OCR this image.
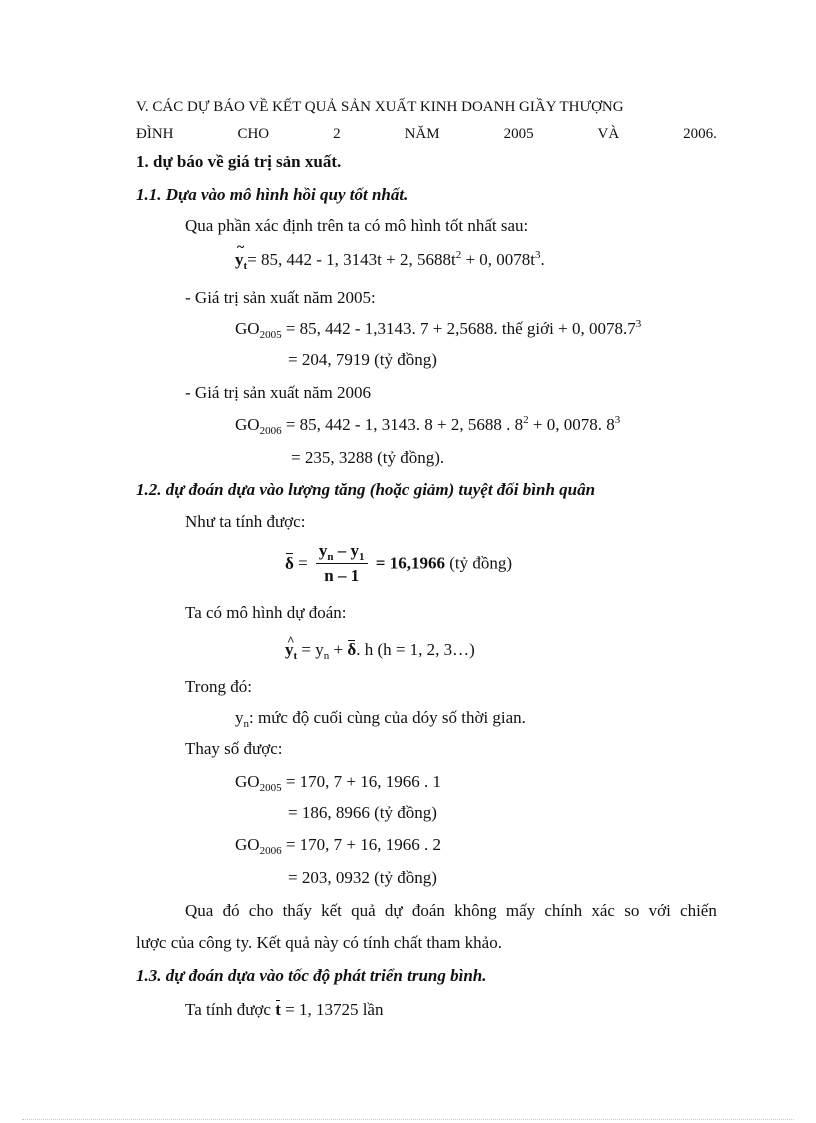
V. CÁC DỰ BÁO VỀ KẾT QUẢ SẢN XUẤT KINH DOANH GIẦY THƯỢNG
ĐÌNH	CHO	2	NĂM	2005	VÀ	2006.
1. dự báo về giá trị sản xuất.
1.1. Dựa vào mô hình hồi quy tốt nhất.
Qua phần xác định trên ta có mô hình tốt nhất sau:
~ $y_t= 85$, 442 - 1, 3143t + 2, $5688t^2 + 0$, $0078t^3$.
- Giá trị sản xuất năm 2005:
$GO_{2005} = 85$, 442 - 1,3143. 7 + 2,5688. thế giới + 0, $0078.7^3$
= 204, 7919 (tỷ đồng)
- Giá trị sản xuất năm 2006
$GO_{2006} = 85$, 442 - 1, 3143. 8 + 2, 5688 . $8^2 + 0$, 0078. $8^3$
= 235, 3288 (tỷ đồng).
1.2. dự đoán dựa vào lượng tăng (hoặc giảm) tuyệt đối bình quân
Như ta tính được:
$\delta = \frac{y_n - y_1}{n - 1} = 16,1966$ (tỷ đồng)
Ta có mô hình dự đoán:
^ $y_t = y_n + \delta$. h (h = 1, 2, 3…)
Trong đó:
$y_n$: mức độ cuối cùng của dóy số thời gian.
Thay số được:
$GO_{2005} = 170$, 7 + 16, 1966 . 1
= 186, 8966 (tỷ đồng)
$GO_{2006} = 170$, 7 + 16, 1966 . 2
= 203, 0932 (tỷ đồng)
Qua đó cho thấy kết quả dự đoán không mấy chính xác so với chiến
lược của công ty. Kết quả này có tính chất tham khảo.
1.3. dự đoán dựa vào tốc độ phát triển trung bình.
Ta tính được t = 1, 13725 lần
